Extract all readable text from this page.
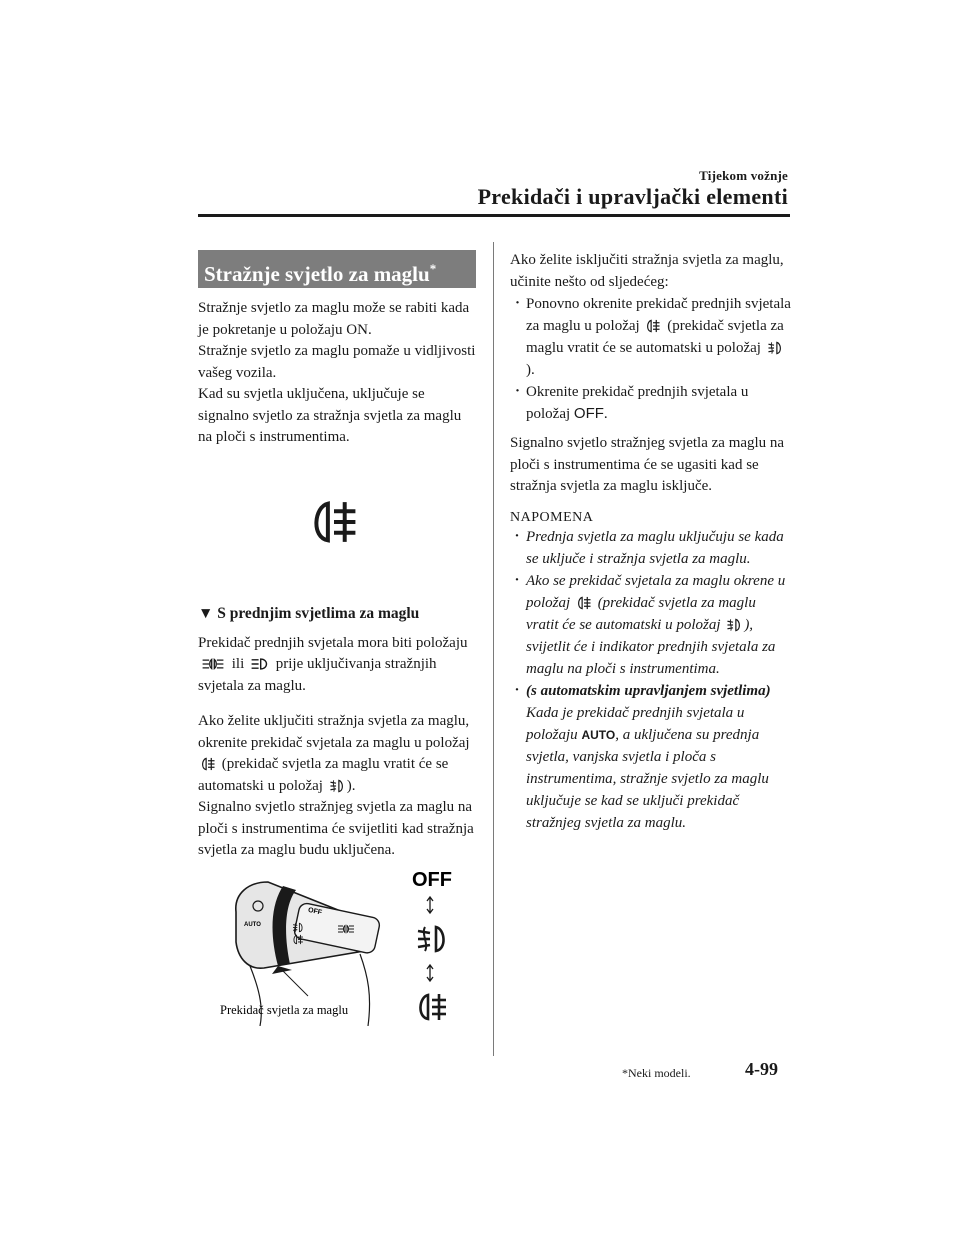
Tijekom vožnje
Prekidači i upravljački elementi
Stražnje svjetlo za maglu*

Stražnje svjetlo za maglu može se rabiti kada je pokretanje u položaju ON.

Stražnje svjetlo za maglu pomaže u vidljivosti vašeg vozila.

Kad su svjetla uključena, uključuje se signalno svjetlo za stražnja svjetla za maglu na ploči s instrumentima.

▼ S prednjim svjetlima za maglu

Prekidač prednjih svjetala mora biti položaju  ili prije uključivanja stražnjih svjetala za maglu.

Ako želite uključiti stražnja svjetla za maglu, okrenite prekidač svjetala za maglu u položaj  (prekidač svjetla za maglu vratit će se automatski u položaj ).

Signalno svjetlo stražnjeg svjetla za maglu na ploči s instrumentima će svijetliti kad stražnja svjetla za maglu budu uključena.

OFF
AUTO
Prekidač svjetla za maglu
OFF

Ako želite isključiti stražnja svjetla za maglu, učinite nešto od sljedećeg:

· Ponovno okrenite prekidač prednjih svjetala za maglu u položaj (prekidač svjetla za maglu vratit će se automatski u položaj ).
· Okrenite prekidač prednjih svjetala u položaj OFF.

Signalno svjetlo stražnjeg svjetla za maglu na ploči s instrumentima će se ugasiti kad se stražnja svjetla za maglu isključe.

NAPOMENA
· Prednja svjetla za maglu uključuju se kada se uključe i stražnja svjetla za maglu.
· Ako se prekidač svjetala za maglu okrene u položaj (prekidač svjetla za maglu vratit će se automatski u položaj ), svijetlit će i indikator prednjih svjetala za maglu na ploči s instrumentima.
· (s automatskim upravljanjem svjetlima) Kada je prekidač prednjih svjetala u položaju AUTO, a uključena su prednja svjetla, vanjska svjetla i ploča s instrumentima, stražnje svjetlo za maglu uključuje se kad se uključi prekidač stražnjeg svjetla za maglu.
*Neki modeli.	4-99
